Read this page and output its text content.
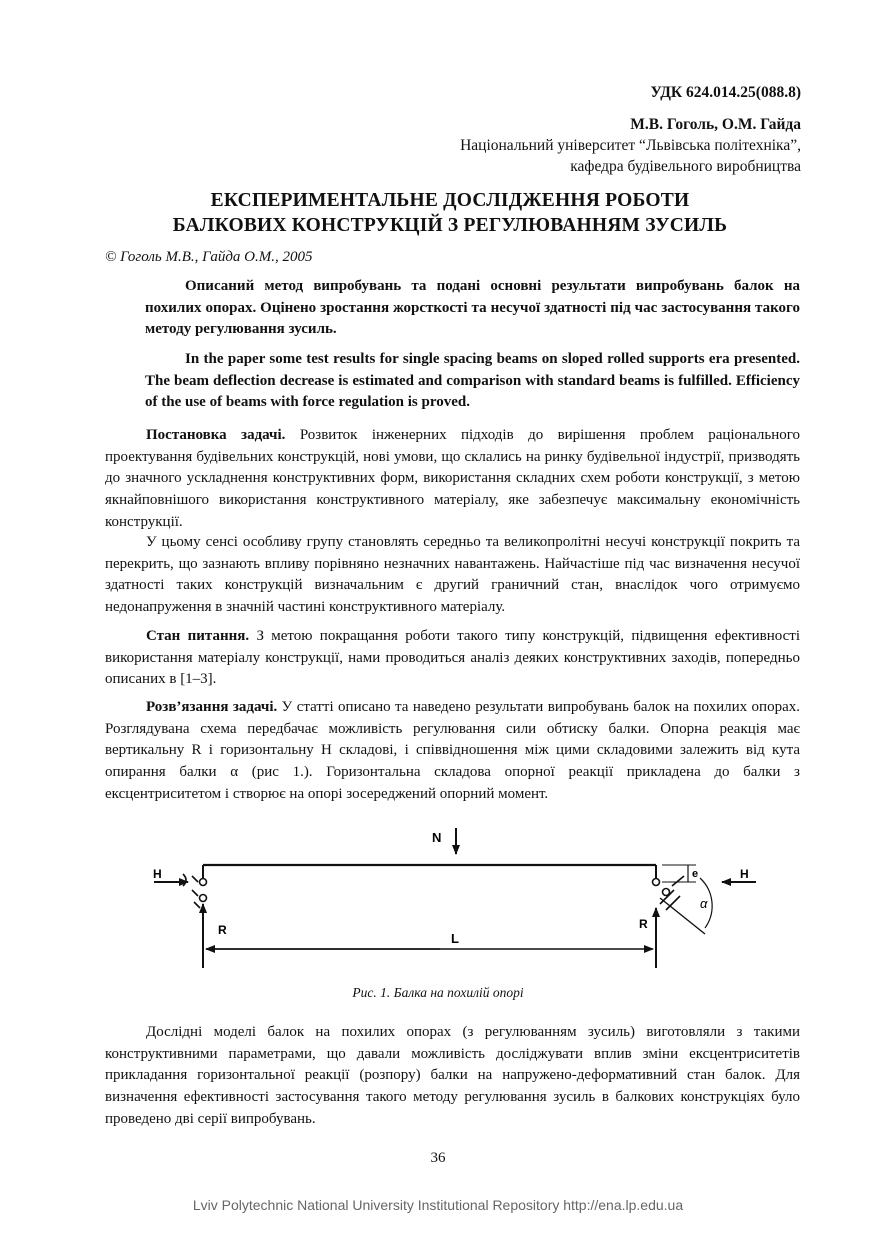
УДК 624.014.25(088.8)
М.В. Гоголь, О.М. Гайда
Національний університет “Львівська політехніка”,
кафедра будівельного виробництва
ЕКСПЕРИМЕНТАЛЬНЕ ДОСЛІДЖЕННЯ РОБОТИ
БАЛКОВИХ КОНСТРУКЦІЙ З РЕГУЛЮВАННЯМ ЗУСИЛЬ
© Гоголь М.В., Гайда О.М., 2005

Описаний метод випробувань та подані основні результати випробувань балок на похилих опорах. Оцінено зростання жорсткості та несучої здатності під час застосування такого методу регулювання зусиль.

In the paper some test results for single spacing beams on sloped rolled supports era presented. The beam deflection decrease is estimated and comparison with standard beams is fulfilled. Efficiency of the use of beams with force regulation is proved.

Постановка задачі. Розвиток інженерних підходів до вирішення проблем раціонального проектування будівельних конструкцій, нові умови, що склались на ринку будівельної індустрії, призводять до значного ускладнення конструктивних форм, використання складних схем роботи конструкції, з метою якнайповнішого використання конструктивного матеріалу, яке забезпечує максимальну економічність конструкції.

У цьому сенсі особливу групу становлять середньо та великопролітні несучі конструкції покрить та перекрить, що зазнають впливу порівняно незначних навантажень. Найчастіше під час визначення несучої здатності таких конструкцій визначальним є другий граничний стан, внаслідок чого отримуємо недонапруження в значній частині конструктивного матеріалу.

Стан питання. З метою покращання роботи такого типу конструкцій, підвищення ефективності використання матеріалу конструкції, нами проводиться аналіз деяких конструктивних заходів, попередньо описаних в [1–3].

Розв’язання задачі. У статті описано та наведено результати випробувань балок на похилих опорах. Розглядувана схема передбачає можливість регулювання сили обтиску балки. Опорна реакція має вертикальну R і горизонтальну H складові, і співвідношення між цими складовими залежить від кута опирання балки α (рис 1.). Горизонтальна складова опорної реакції прикладена до балки з ексцентриситетом і створює на опорі зосереджений опорний момент.

N
H
R
α
H
R
e
L
Рис. 1. Балка на похилій опорі

Дослідні моделі балок на похилих опорах (з регулюванням зусиль) виготовляли з такими конструктивними параметрами, що давали можливість досліджувати вплив зміни ексцентриситетів прикладання горизонтальної реакції (розпору) балки на напружено-деформативний стан балок. Для визначення ефективності застосування такого методу регулювання зусиль в балкових конструкціях було проведено дві серії випробувань.

36
Lviv Polytechnic National University Institutional Repository http://ena.lp.edu.ua
